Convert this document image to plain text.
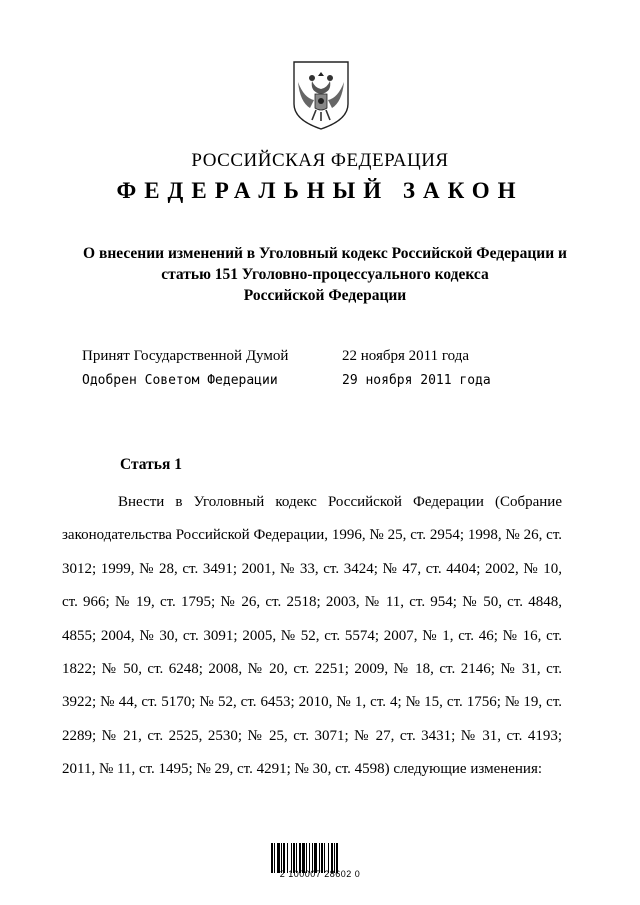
РОССИЙСКАЯ ФЕДЕРАЦИЯ
ФЕДЕРАЛЬНЫЙ ЗАКОН
О внесении изменений в Уголовный кодекс Российской Федерации и
статью 151 Уголовно-процессуального кодекса
Российской Федерации
Принят Государственной Думой	22 ноября 2011 года
Одобрен Советом Федерации	29 ноября 2011 года
Статья 1
Внести в Уголовный кодекс Российской Федерации (Собрание законодательства Российской Федерации, 1996, № 25, ст. 2954; 1998, № 26, ст. 3012; 1999, № 28, ст. 3491; 2001, № 33, ст. 3424; № 47, ст. 4404; 2002, № 10, ст. 966; № 19, ст. 1795; № 26, ст. 2518; 2003, № 11, ст. 954; № 50, ст. 4848, 4855; 2004, № 30, ст. 3091; 2005, № 52, ст. 5574; 2007, № 1, ст. 46; № 16, ст. 1822; № 50, ст. 6248; 2008, № 20, ст. 2251; 2009, № 18, ст. 2146; № 31, ст. 3922; № 44, ст. 5170; № 52, ст. 6453; 2010, № 1, ст. 4; № 15, ст. 1756; № 19, ст. 2289; № 21, ст. 2525, 2530; № 25, ст. 3071; № 27, ст. 3431; № 31, ст. 4193; 2011, № 11, ст. 1495; № 29, ст. 4291; № 30, ст. 4598) следующие изменения:
2 100007 28602 0
